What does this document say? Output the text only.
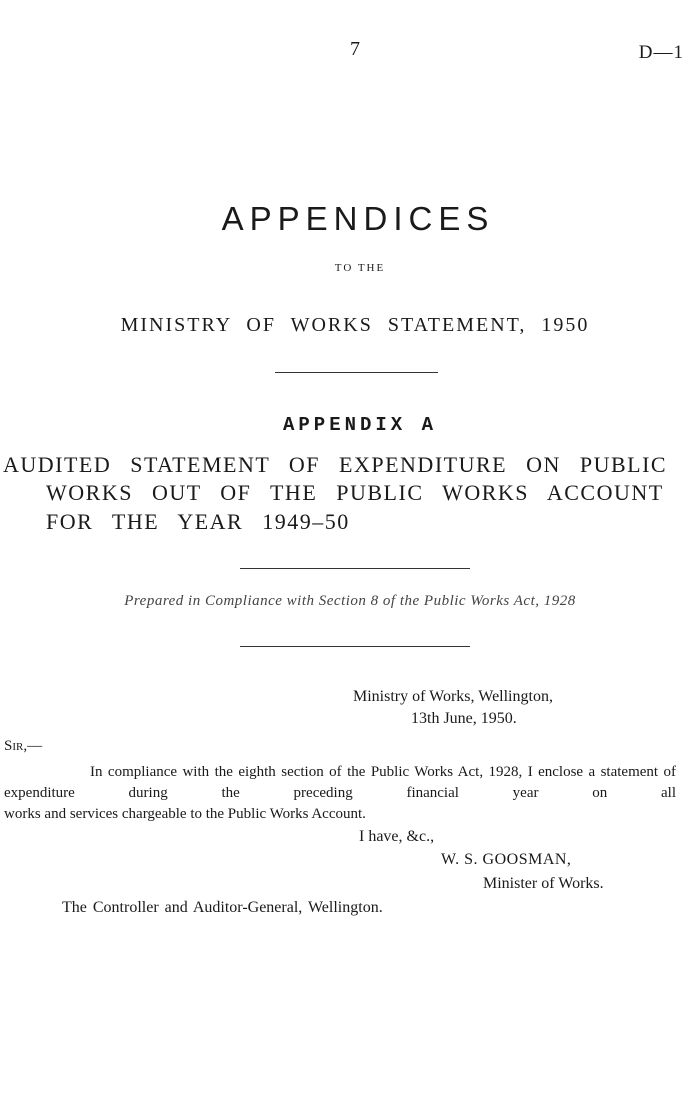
7	D—1
APPENDICES
TO THE
MINISTRY OF WORKS STATEMENT, 1950
APPENDIX A
AUDITED STATEMENT OF EXPENDITURE ON PUBLIC
WORKS OUT OF THE PUBLIC WORKS ACCOUNT
FOR THE YEAR 1949–50
Prepared in Compliance with Section 8 of the Public Works Act, 1928
Ministry of Works, Wellington,
13th June, 1950.
Sir,—
In compliance with the eighth section of the Public Works Act, 1928, I enclose a statement of expenditure during the preceding financial year on all
works and services chargeable to the Public Works Account.
I have, &c.,
W. S. GOOSMAN,
Minister of Works.
The Controller and Auditor-General, Wellington.
